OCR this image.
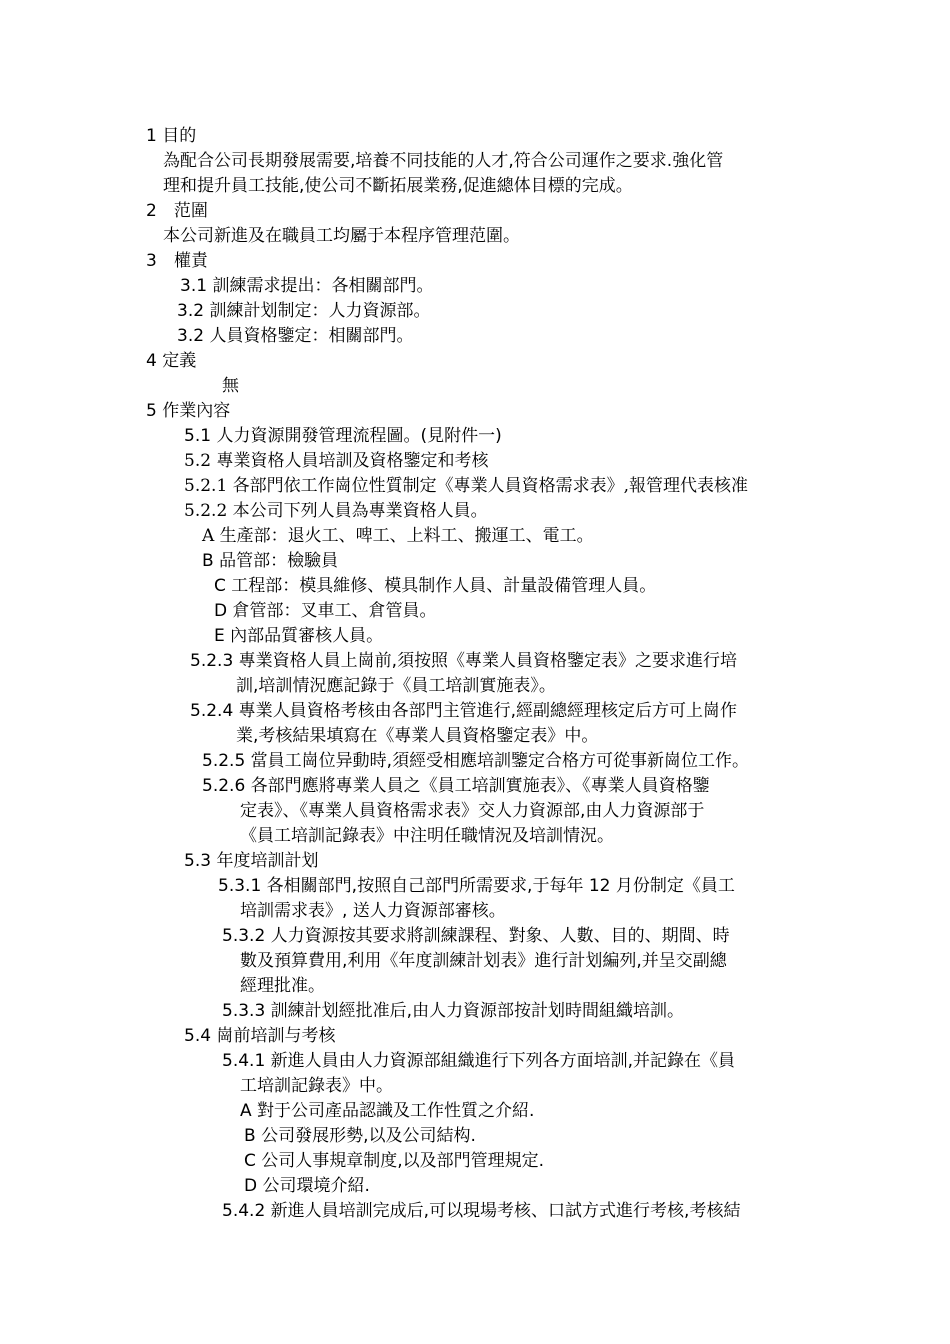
1 目的
為配合公司長期發展需要,培養不同技能的人才,符合公司運作之要求.強化管
理和提升員工技能,使公司不斷拓展業務,促進總体目標的完成。
2　范圍
本公司新進及在職員工均屬于本程序管理范圍。
3　權責
3.1 訓練需求提出：各相關部門。
3.2 訓練計划制定：人力資源部。
3.2 人員資格鑒定：相關部門。
4 定義
無
5 作業內容
5.1 人力資源開發管理流程圖。(見附件一)
5.2 專業資格人員培訓及資格鑒定和考核
5.2.1 各部門依工作崗位性質制定《專業人員資格需求表》,報管理代表核准
5.2.2 本公司下列人員為專業資格人員。
A 生產部：退火工、啤工、上料工、搬運工、電工。
B 品管部：檢驗員
C 工程部：模具維修、模具制作人員、計量設備管理人員。
D 倉管部：叉車工、倉管員。
E 內部品質審核人員。
5.2.3 專業資格人員上崗前,須按照《專業人員資格鑒定表》之要求進行培
訓,培訓情況應記錄于《員工培訓實施表》。
5.2.4 專業人員資格考核由各部門主管進行,經副總經理核定后方可上崗作
業,考核結果填寫在《專業人員資格鑒定表》中。
5.2.5 當員工崗位异動時,須經受相應培訓鑒定合格方可從事新崗位工作。
5.2.6 各部門應將專業人員之《員工培訓實施表》、《專業人員資格鑒
定表》、《專業人員資格需求表》交人力資源部,由人力資源部于
《員工培訓記錄表》中注明任職情況及培訓情況。
5.3 年度培訓計划
5.3.1 各相關部門,按照自己部門所需要求,于每年 12 月份制定《員工
培訓需求表》, 送人力資源部審核。
5.3.2 人力資源按其要求將訓練課程、對象、人數、目的、期間、時
數及預算費用,利用《年度訓練計划表》進行計划編列,并呈交副總
經理批准。
5.3.3 訓練計划經批准后,由人力資源部按計划時間組織培訓。
5.4 崗前培訓与考核
5.4.1 新進人員由人力資源部組織進行下列各方面培訓,并記錄在《員
工培訓記錄表》中。
A 對于公司產品認識及工作性質之介紹.
B 公司發展形勢,以及公司結构.
C 公司人事規章制度,以及部門管理規定.
D 公司環境介紹.
5.4.2 新進人員培訓完成后,可以現場考核、口試方式進行考核,考核結
